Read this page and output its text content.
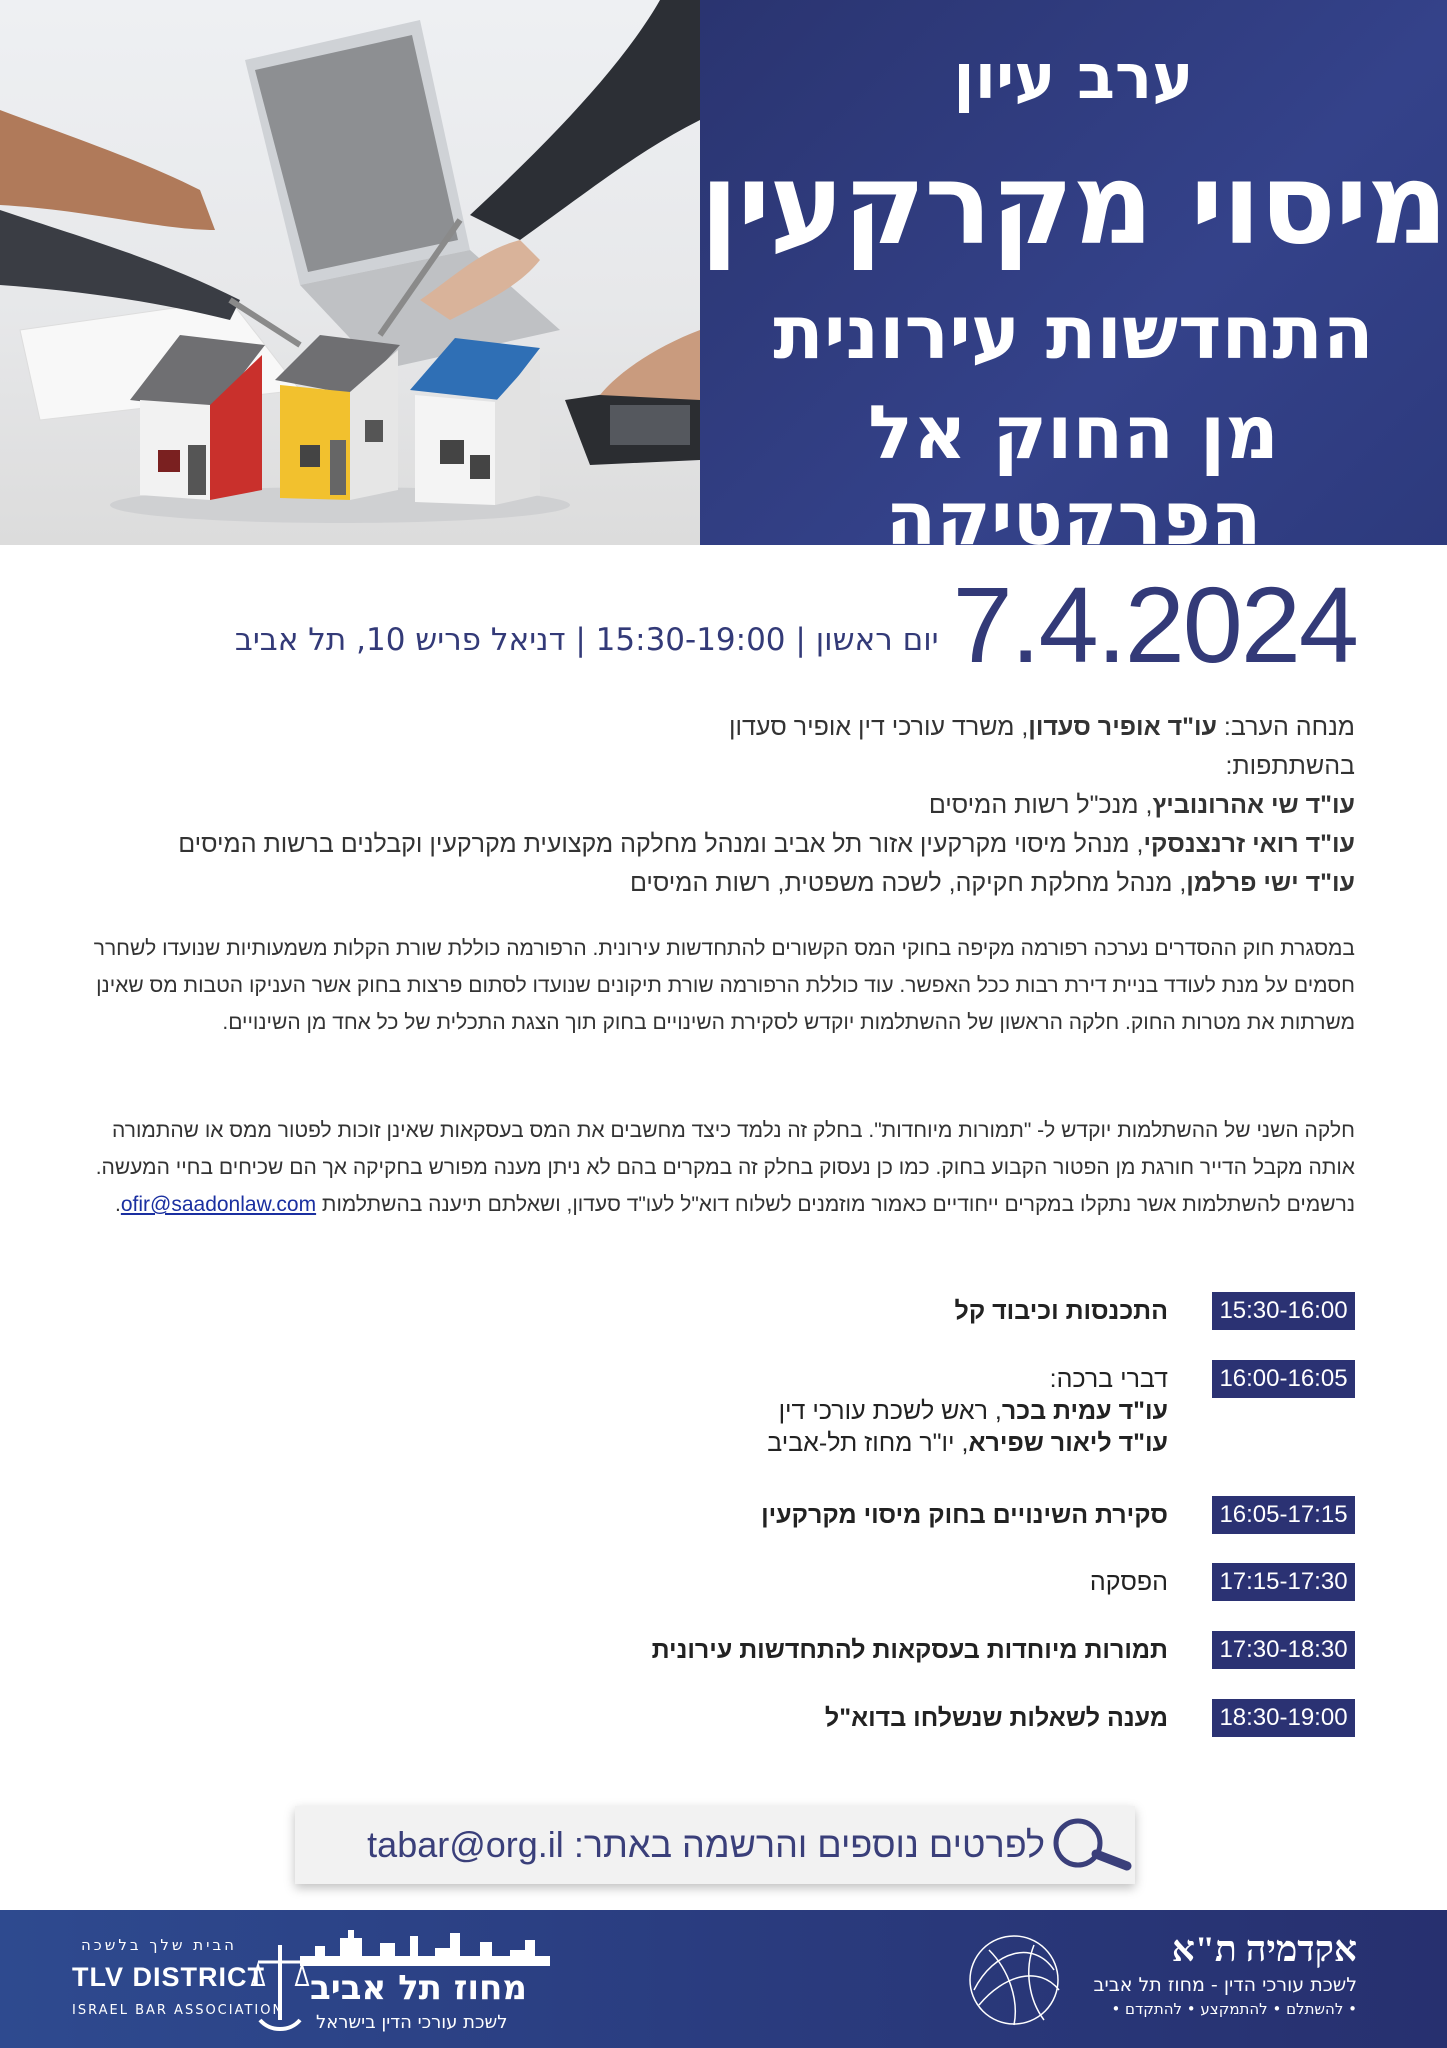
ערב עיון
מיסוי מקרקעין
התחדשות עירונית
מן החוק אל הפרקטיקה
7.4.2024
יום ראשון | 15:30-19:00 | דניאל פריש 10, תל אביב
מנחה הערב: עו"ד אופיר סעדון, משרד עורכי דין אופיר סעדון
בהשתתפות:
עו"ד שי אהרונוביץ, מנכ"ל רשות המיסים
עו"ד רואי זרנצנסקי, מנהל מיסוי מקרקעין אזור תל אביב ומנהל מחלקה מקצועית מקרקעין וקבלנים ברשות המיסים
עו"ד ישי פרלמן, מנהל מחלקת חקיקה, לשכה משפטית, רשות המיסים
במסגרת חוק ההסדרים נערכה רפורמה מקיפה בחוקי המס הקשורים להתחדשות עירונית. הרפורמה כוללת שורת הקלות משמעותיות שנועדו לשחרר חסמים על מנת לעודד בניית דירת רבות ככל האפשר. עוד כוללת הרפורמה שורת תיקונים שנועדו לסתום פרצות בחוק אשר העניקו הטבות מס שאינן משרתות את מטרות החוק. חלקה הראשון של ההשתלמות יוקדש לסקירת השינויים בחוק תוך הצגת התכלית של כל אחד מן השינויים.
חלקה השני של ההשתלמות יוקדש ל- "תמורות מיוחדות". בחלק זה נלמד כיצד מחשבים את המס בעסקאות שאינן זוכות לפטור ממס או שהתמורה אותה מקבל הדייר חורגת מן הפטור הקבוע בחוק. כמו כן נעסוק בחלק זה במקרים בהם לא ניתן מענה מפורש בחקיקה אך הם שכיחים בחיי המעשה. נרשמים להשתלמות אשר נתקלו במקרים ייחודיים כאמור מוזמנים לשלוח דוא"ל לעו"ד סעדון, ושאלתם תיענה בהשתלמות ofir@saadonlaw.com.
15:30-16:00
התכנסות וכיבוד קל
16:00-16:05
דברי ברכה:
עו"ד עמית בכר, ראש לשכת עורכי דין
עו"ד ליאור שפירא, יו"ר מחוז תל-אביב
16:05-17:15
סקירת השינויים בחוק מיסוי מקרקעין
17:15-17:30
הפסקה
17:30-18:30
תמורות מיוחדות בעסקאות להתחדשות עירונית
18:30-19:00
מענה לשאלות שנשלחו בדוא"ל
לפרטים נוספים והרשמה באתר: tabar@org.il
אקדמיה ת"א
לשכת עורכי הדין - מחוז תל אביב
• להשתלם • להתמקצע • להתקדם •
הבית שלך בלשכה
TLV DISTRICT
ISRAEL BAR ASSOCIATION
מחוז תל אביב
לשכת עורכי הדין בישראל
